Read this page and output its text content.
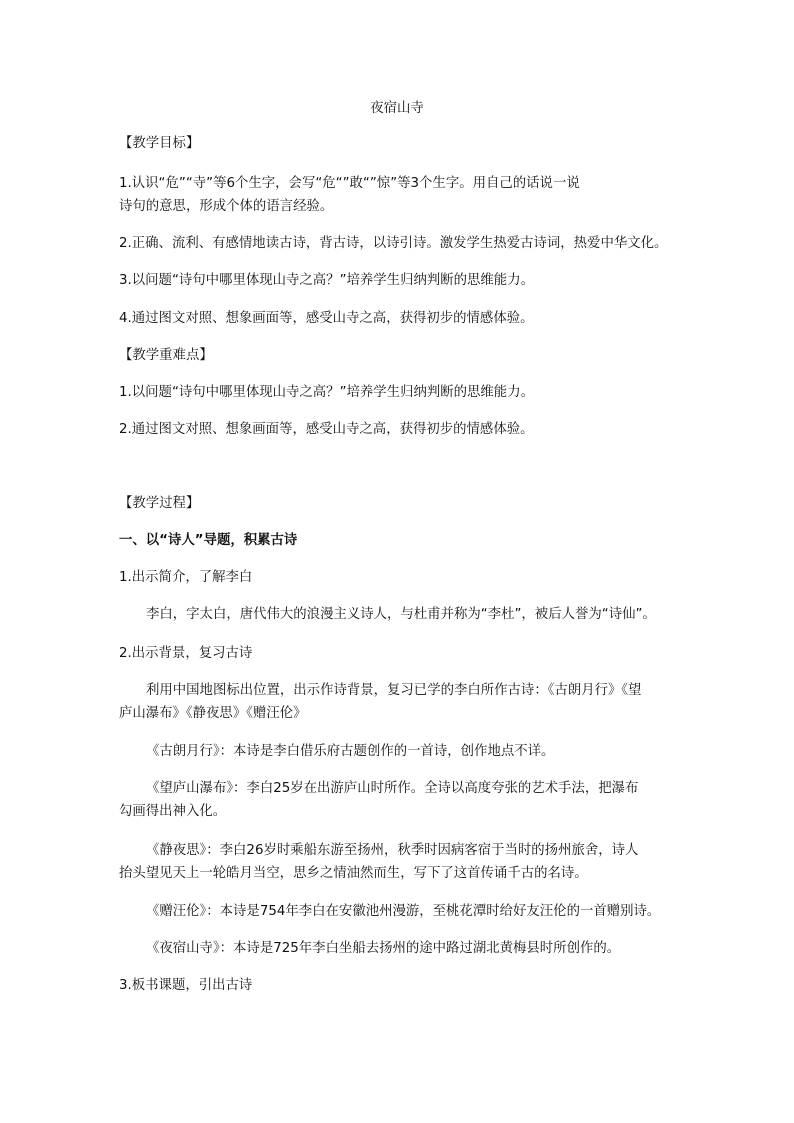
夜宿山寺
【教学目标】
1.认识“危”“寺”等6个生字，会写“危“”敢“”惊”等3个生字。用自己的话说一说
诗句的意思，形成个体的语言经验。
2.正确、流利、有感情地读古诗，背古诗，以诗引诗。激发学生热爱古诗词，热爱中华文化。
3.以问题“诗句中哪里体现山寺之高？”培养学生归纳判断的思维能力。
4.通过图文对照、想象画面等，感受山寺之高，获得初步的情感体验。
【教学重难点】
1.以问题“诗句中哪里体现山寺之高？”培养学生归纳判断的思维能力。
2.通过图文对照、想象画面等，感受山寺之高，获得初步的情感体验。
【教学过程】
一、以“诗人”导题，积累古诗
1.出示简介，了解李白
李白，字太白，唐代伟大的浪漫主义诗人，与杜甫并称为“李杜”，被后人誉为“诗仙”。
2.出示背景，复习古诗
利用中国地图标出位置，出示作诗背景，复习已学的李白所作古诗：《古朗月行》《望
庐山瀑布》《静夜思》《赠汪伦》
《古朗月行》：本诗是李白借乐府古题创作的一首诗，创作地点不详。
《望庐山瀑布》：李白25岁在出游庐山时所作。全诗以高度夸张的艺术手法，把瀑布
勾画得出神入化。
《静夜思》：李白26岁时乘船东游至扬州，秋季时因病客宿于当时的扬州旅舍，诗人
抬头望见天上一轮皓月当空，思乡之情油然而生，写下了这首传诵千古的名诗。
《赠汪伦》：本诗是754年李白在安徽池州漫游，至桃花潭时给好友汪伦的一首赠别诗。
《夜宿山寺》：本诗是725年李白坐船去扬州的途中路过湖北黄梅县时所创作的。
3.板书课题，引出古诗
